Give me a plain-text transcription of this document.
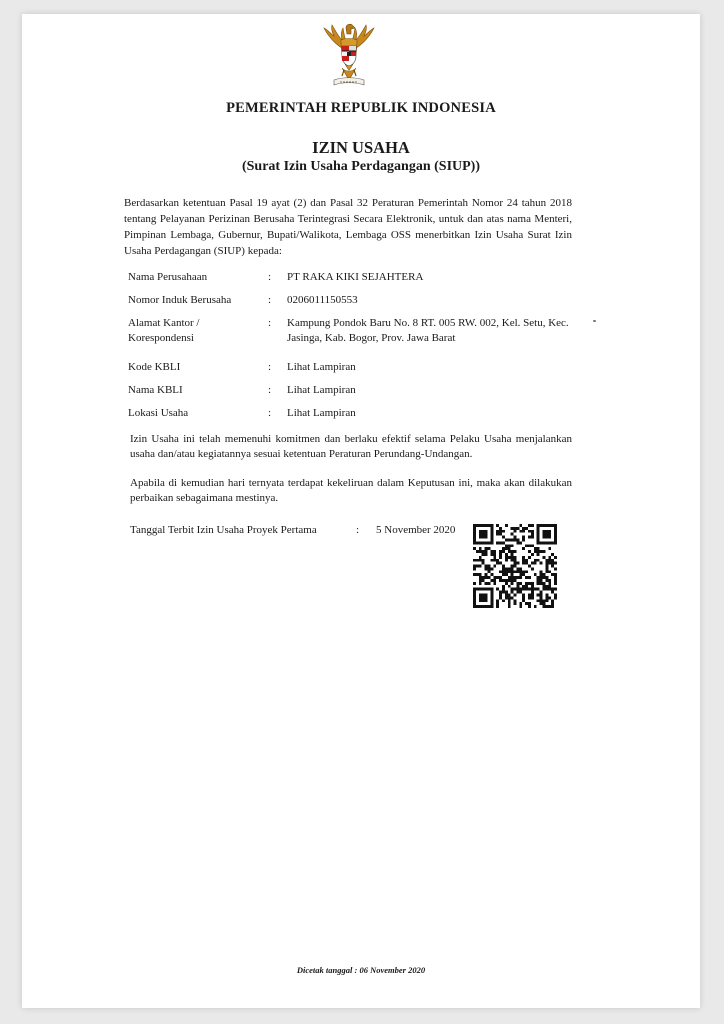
PEMERINTAH REPUBLIK INDONESIA
IZIN USAHA
(Surat Izin Usaha Perdagangan (SIUP))
Berdasarkan ketentuan Pasal 19 ayat (2) dan Pasal 32 Peraturan Pemerintah Nomor 24 tahun 2018 tentang Pelayanan Perizinan Berusaha Terintegrasi Secara Elektronik, untuk dan atas nama Menteri, Pimpinan Lembaga, Gubernur, Bupati/Walikota, Lembaga OSS menerbitkan Izin Usaha Surat Izin Usaha Perdagangan (SIUP) kepada:
Nama Perusahaan	: PT RAKA KIKI SEJAHTERA
Nomor Induk Berusaha	: 0206011150553
Alamat Kantor / Korespondensi
: Kampung Pondok Baru No. 8 RT. 005 RW. 002, Kel. Setu, Kec. Jasinga, Kab. Bogor, Prov. Jawa Barat
Kode KBLI	: Lihat Lampiran
Nama KBLI	: Lihat Lampiran
Lokasi Usaha	: Lihat Lampiran
Izin Usaha ini telah memenuhi komitmen dan berlaku efektif selama Pelaku Usaha menjalankan usaha dan/atau kegiatannya sesuai ketentuan Peraturan Perundang-Undangan.
Apabila di kemudian hari ternyata terdapat kekeliruan dalam Keputusan ini, maka akan dilakukan perbaikan sebagaimana mestinya.
Tanggal Terbit Izin Usaha Proyek Pertama	: 5 November 2020
Dicetak tanggal : 06 November 2020
